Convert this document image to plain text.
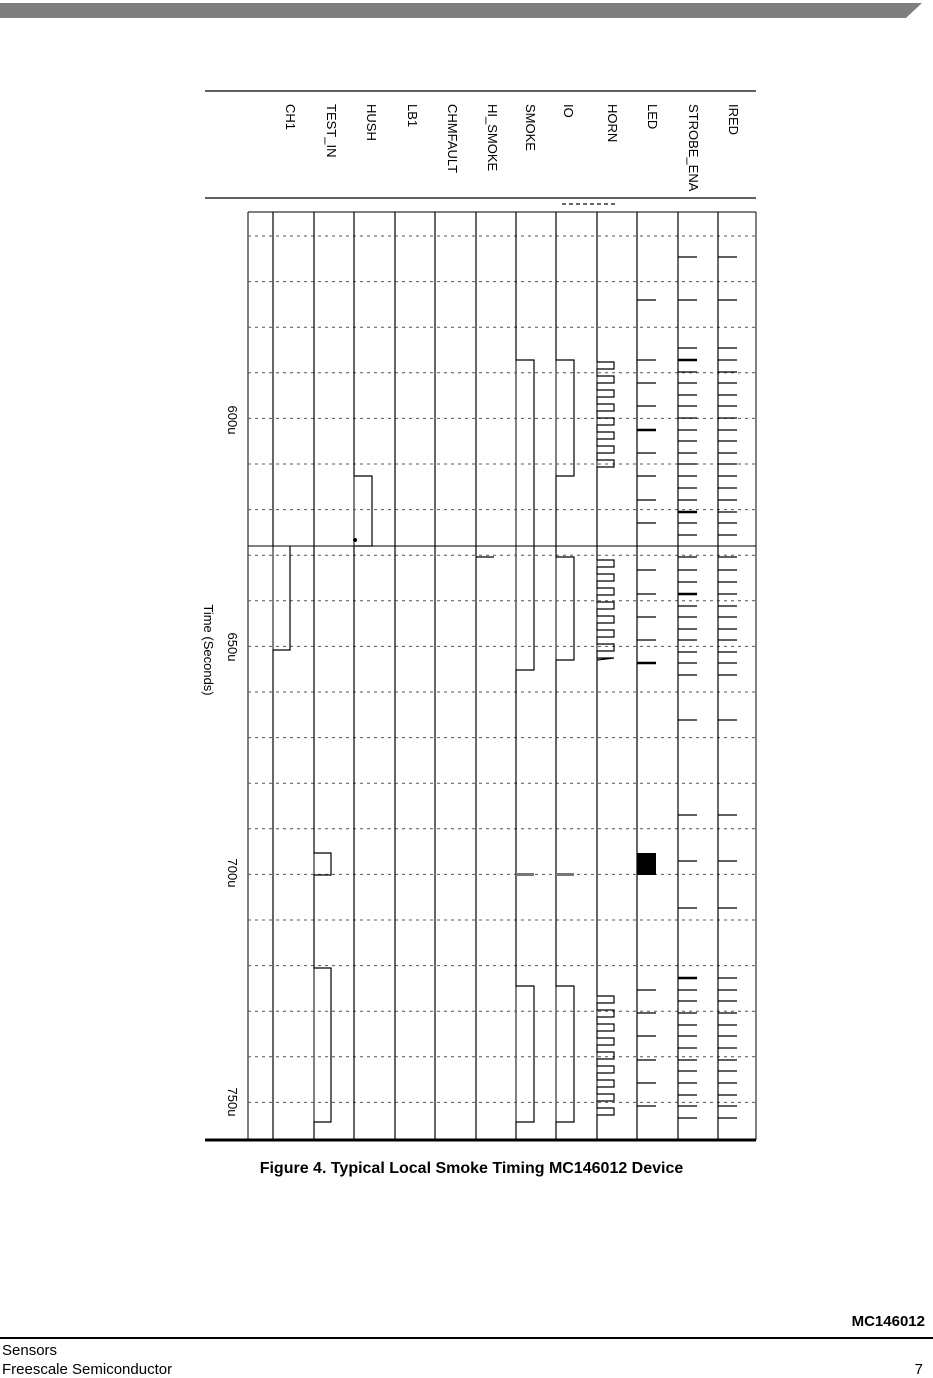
CH1 TEST_IN HUSH LB1 CHMFAULT HI_SMOKE SMOKE IO HORN LED STROBE_ENA IRED
600u
650u
700u
750u
Time (Seconds)
Figure 4. Typical Local Smoke Timing MC146012 Device
MC146012
Sensors
Freescale Semiconductor	7
